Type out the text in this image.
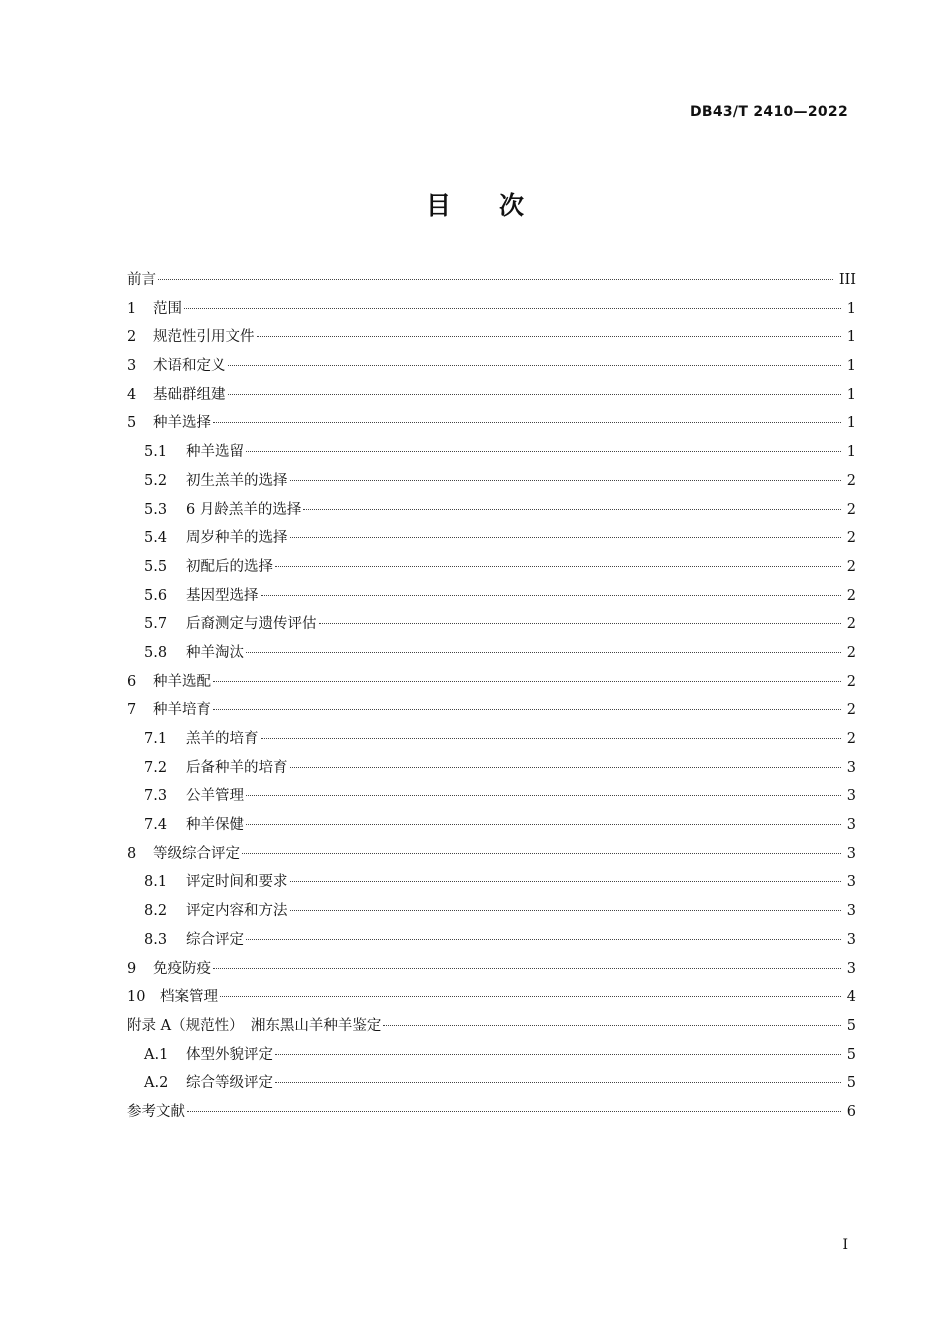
DB43/T 2410—2022
目 次
前言	III
1	范围	1
2	规范性引用文件	1
3	术语和定义	1
4	基础群组建	1
5	种羊选择	1
5.1	种羊选留	1
5.2	初生羔羊的选择	2
5.3	6 月龄羔羊的选择	2
5.4	周岁种羊的选择	2
5.5	初配后的选择	2
5.6	基因型选择	2
5.7	后裔测定与遗传评估	2
5.8	种羊淘汰	2
6	种羊选配	2
7	种羊培育	2
7.1	羔羊的培育	2
7.2	后备种羊的培育	3
7.3	公羊管理	3
7.4	种羊保健	3
8	等级综合评定	3
8.1	评定时间和要求	3
8.2	评定内容和方法	3
8.3	综合评定	3
9	免疫防疫	3
10	档案管理	4
附录 A（规范性）　湘东黑山羊种羊鉴定	5
A.1	体型外貌评定	5
A.2	综合等级评定	5
参考文献	6
I
